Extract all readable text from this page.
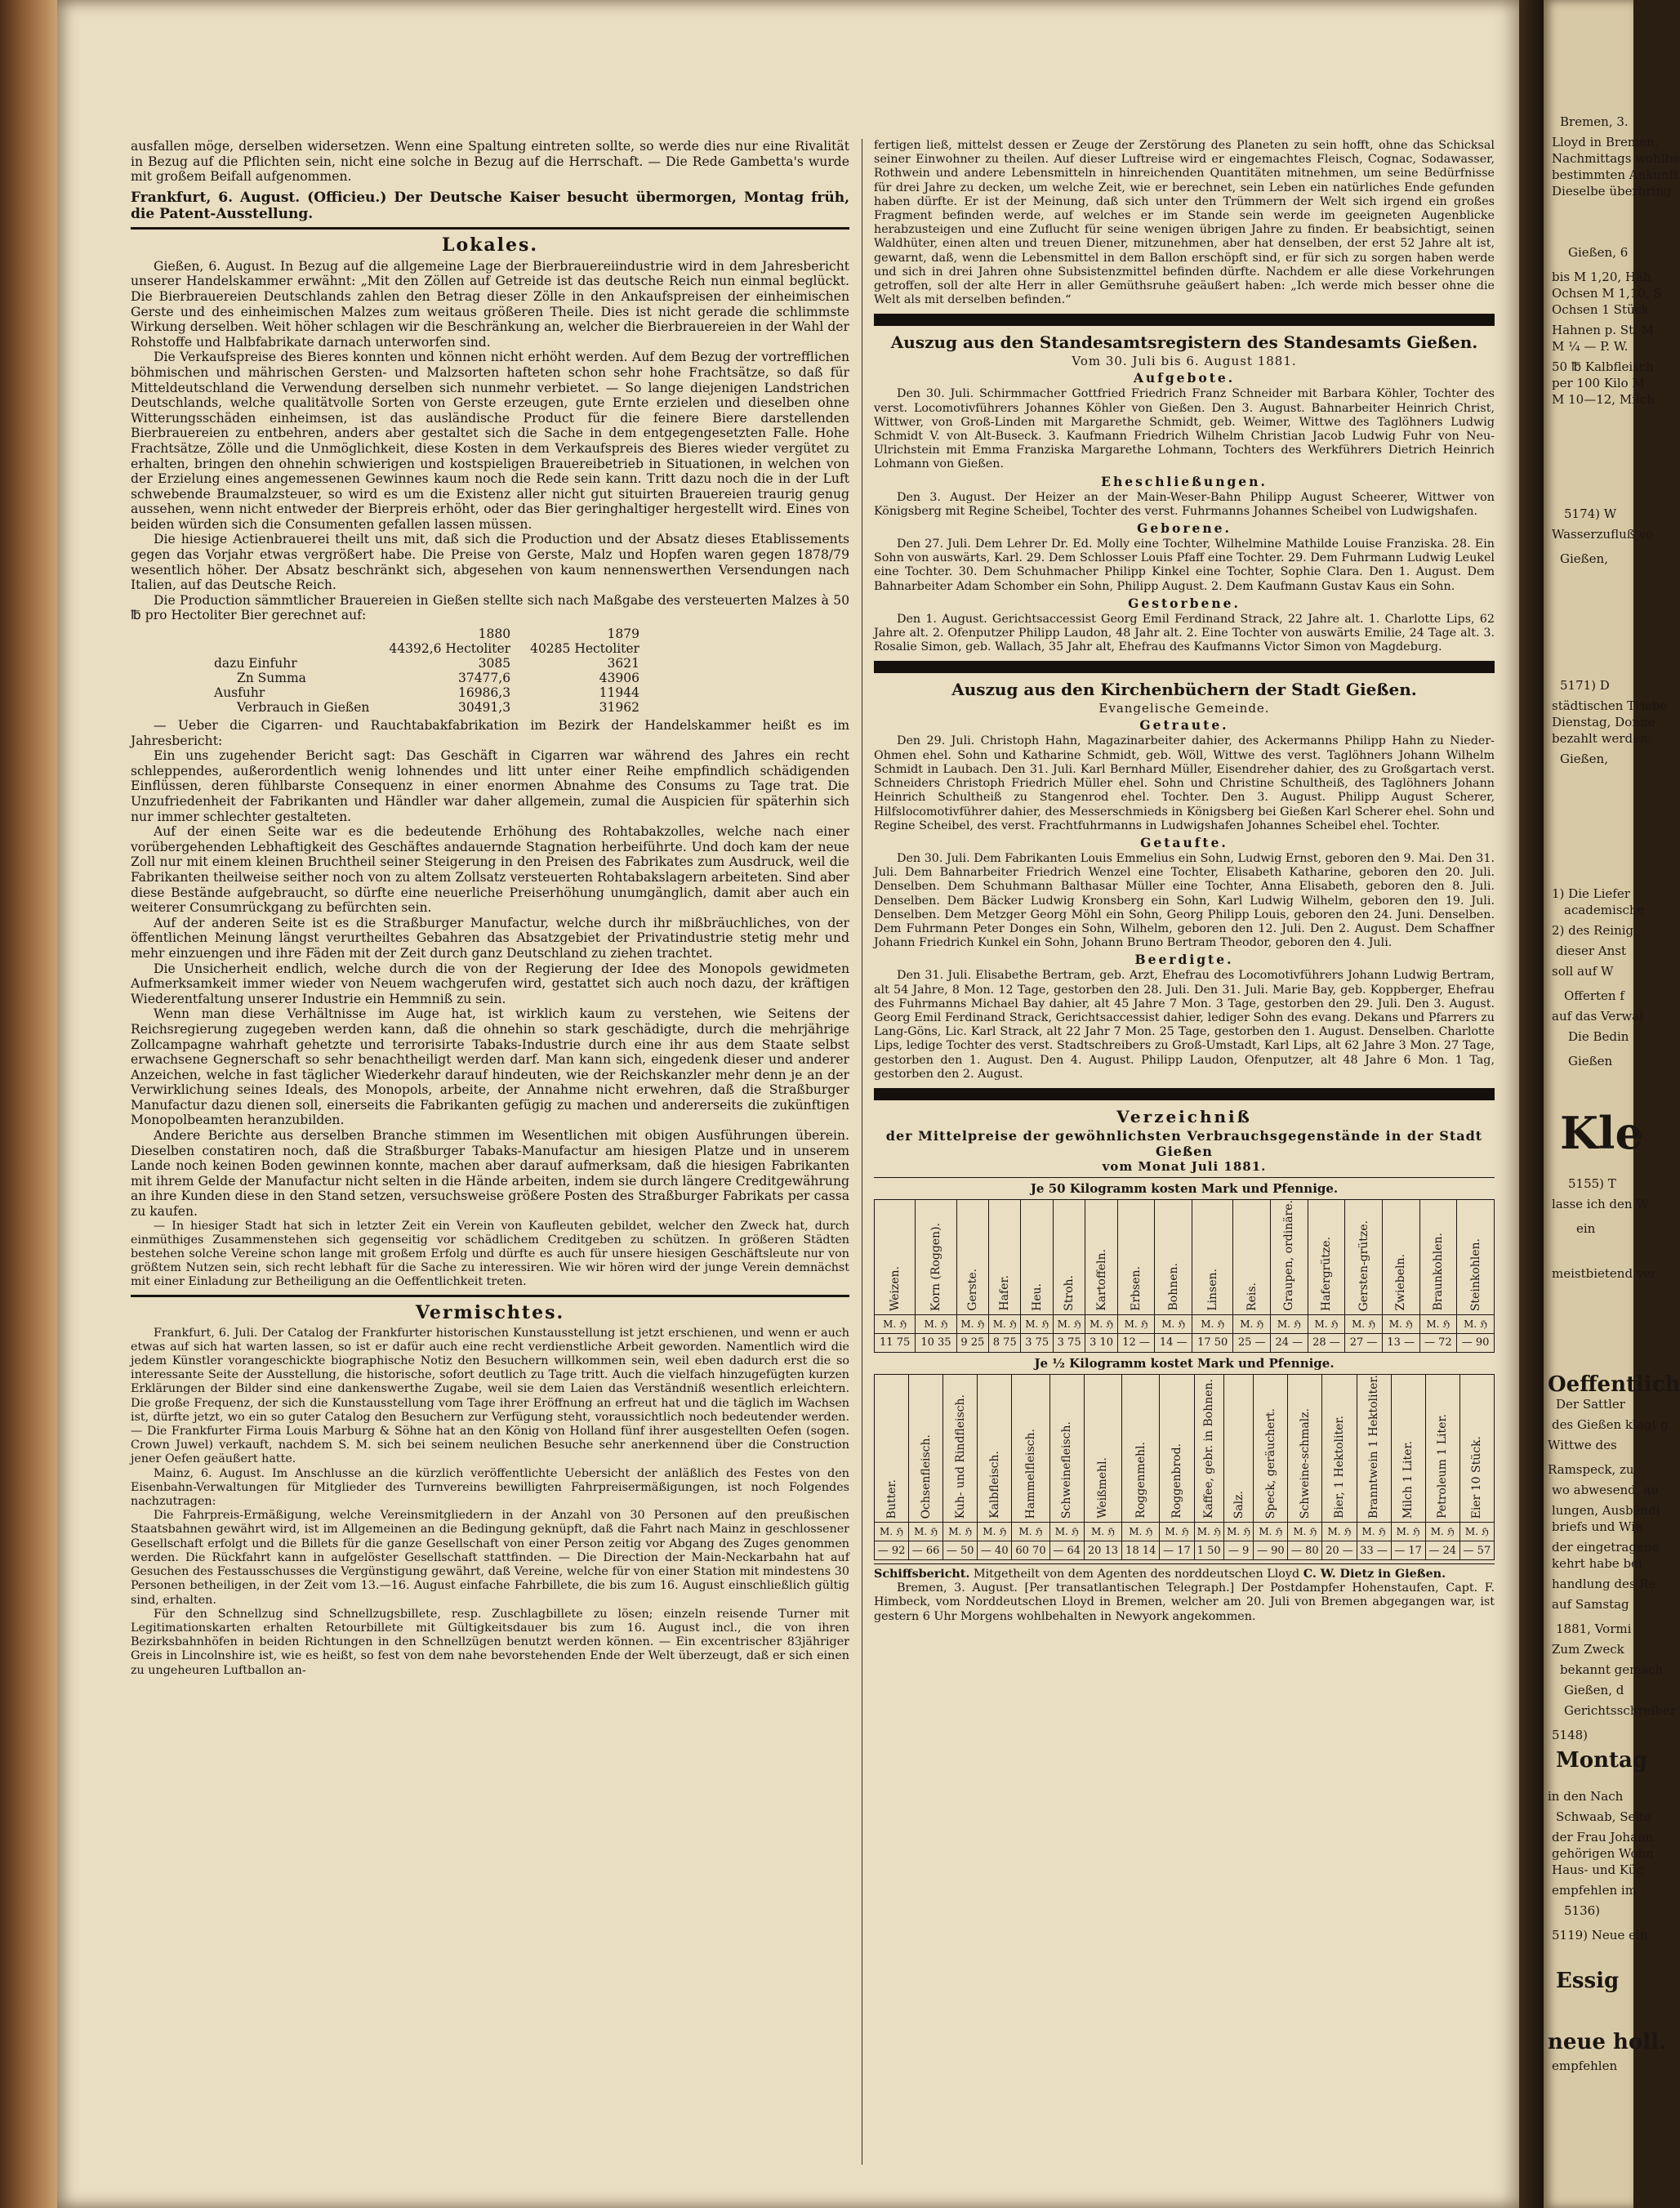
ausfallen möge, derselben widersetzen. Wenn eine Spaltung eintreten sollte, so werde dies nur eine Rivalität in Bezug auf die Pflichten sein, nicht eine solche in Bezug auf die Herrschaft. — Die Rede Gambetta's wurde mit großem Beifall aufgenommen.

Frankfurt, 6. August. (Officieu.) Der Deutsche Kaiser besucht übermorgen, Montag früh, die Patent-Ausstellung.

Lokales.

Gießen, 6. August. In Bezug auf die allgemeine Lage der Bierbrauereiindustrie wird in dem Jahresbericht unserer Handelskammer erwähnt: „Mit den Zöllen auf Getreide ist das deutsche Reich nun einmal beglückt. Die Bierbrauereien Deutschlands zahlen den Betrag dieser Zölle in den Ankaufspreisen der einheimischen Gerste und des einheimischen Malzes zum weitaus größeren Theile. Dies ist nicht gerade die schlimmste Wirkung derselben. Weit höher schlagen wir die Beschränkung an, welcher die Bierbrauereien in der Wahl der Rohstoffe und Halbfabrikate darnach unterworfen sind.

Die Verkaufspreise des Bieres konnten und können nicht erhöht werden. Auf dem Bezug der vortrefflichen böhmischen und mährischen Gersten- und Malzsorten hafteten schon sehr hohe Frachtsätze, so daß für Mitteldeutschland die Verwendung derselben sich nunmehr verbietet. — So lange diejenigen Landstrichen Deutschlands, welche qualitätvolle Sorten von Gerste erzeugen, gute Ernte erzielen und dieselben ohne Witterungsschäden einheimsen, ist das ausländische Product für die feinere Biere darstellenden Bierbrauereien zu entbehren, anders aber gestaltet sich die Sache in dem entgegengesetzten Falle. Hohe Frachtsätze, Zölle und die Unmöglichkeit, diese Kosten in dem Verkaufspreis des Bieres wieder vergütet zu erhalten, bringen den ohnehin schwierigen und kostspieligen Brauereibetrieb in Situationen, in welchen von der Erzielung eines angemessenen Gewinnes kaum noch die Rede sein kann. Tritt dazu noch die in der Luft schwebende Braumalzsteuer, so wird es um die Existenz aller nicht gut situirten Brauereien traurig genug aussehen, wenn nicht entweder der Bierpreis erhöht, oder das Bier geringhaltiger hergestellt wird. Eines von beiden würden sich die Consumenten gefallen lassen müssen.

Die hiesige Actienbrauerei theilt uns mit, daß sich die Production und der Absatz dieses Etablissements gegen das Vorjahr etwas vergrößert habe. Die Preise von Gerste, Malz und Hopfen waren gegen 1878/79 wesentlich höher. Der Absatz beschränkt sich, abgesehen von kaum nennenswerthen Versendungen nach Italien, auf das Deutsche Reich.

Die Production sämmtlicher Brauereien in Gießen stellte sich nach Maßgabe des versteuerten Malzes à 50 ℔ pro Hectoliter Bier gerechnet auf:

	1880	1879
	44392,6 Hectoliter	40285 Hectoliter
dazu Einfuhr	3085	3621
Zn Summa	37477,6	43906
Ausfuhr	16986,3	11944
Verbrauch in Gießen	30491,3	31962

— Ueber die Cigarren- und Rauchtabakfabrikation im Bezirk der Handelskammer heißt es im Jahresbericht:

Ein uns zugehender Bericht sagt: Das Geschäft in Cigarren war während des Jahres ein recht schleppendes, außerordentlich wenig lohnendes und litt unter einer Reihe empfindlich schädigenden Einflüssen, deren fühlbarste Consequenz in einer enormen Abnahme des Consums zu Tage trat. Die Unzufriedenheit der Fabrikanten und Händler war daher allgemein, zumal die Auspicien für späterhin sich nur immer schlechter gestalteten.

Auf der einen Seite war es die bedeutende Erhöhung des Rohtabakzolles, welche nach einer vorübergehenden Lebhaftigkeit des Geschäftes andauernde Stagnation herbeiführte. Und doch kam der neue Zoll nur mit einem kleinen Bruchtheil seiner Steigerung in den Preisen des Fabrikates zum Ausdruck, weil die Fabrikanten theilweise seither noch von zu altem Zollsatz versteuerten Rohtabakslagern arbeiteten. Sind aber diese Bestände aufgebraucht, so dürfte eine neuerliche Preiserhöhung unumgänglich, damit aber auch ein weiterer Consumrückgang zu befürchten sein.

Auf der anderen Seite ist es die Straßburger Manufactur, welche durch ihr mißbräuchliches, von der öffentlichen Meinung längst verurtheiltes Gebahren das Absatzgebiet der Privatindustrie stetig mehr und mehr einzuengen und ihre Fäden mit der Zeit durch ganz Deutschland zu ziehen trachtet.

Die Unsicherheit endlich, welche durch die von der Regierung der Idee des Monopols gewidmeten Aufmerksamkeit immer wieder von Neuem wachgerufen wird, gestattet sich auch noch dazu, der kräftigen Wiederentfaltung unserer Industrie ein Hemmniß zu sein.

Wenn man diese Verhältnisse im Auge hat, ist wirklich kaum zu verstehen, wie Seitens der Reichsregierung zugegeben werden kann, daß die ohnehin so stark geschädigte, durch die mehrjährige Zollcampagne wahrhaft gehetzte und terrorisirte Tabaks-Industrie durch eine ihr aus dem Staate selbst erwachsene Gegnerschaft so sehr benachtheiligt werden darf. Man kann sich, eingedenk dieser und anderer Anzeichen, welche in fast täglicher Wiederkehr darauf hindeuten, wie der Reichskanzler mehr denn je an der Verwirklichung seines Ideals, des Monopols, arbeite, der Annahme nicht erwehren, daß die Straßburger Manufactur dazu dienen soll, einerseits die Fabrikanten gefügig zu machen und andererseits die zukünftigen Monopolbeamten heranzubilden.

Andere Berichte aus derselben Branche stimmen im Wesentlichen mit obigen Ausführungen überein. Dieselben constatiren noch, daß die Straßburger Tabaks-Manufactur am hiesigen Platze und in unserem Lande noch keinen Boden gewinnen konnte, machen aber darauf aufmerksam, daß die hiesigen Fabrikanten mit ihrem Gelde der Manufactur nicht selten in die Hände arbeiten, indem sie durch längere Creditgewährung an ihre Kunden diese in den Stand setzen, versuchsweise größere Posten des Straßburger Fabrikats per cassa zu kaufen.

— In hiesiger Stadt hat sich in letzter Zeit ein Verein von Kaufleuten gebildet, welcher den Zweck hat, durch einmüthiges Zusammenstehen sich gegenseitig vor schädlichem Creditgeben zu schützen. In größeren Städten bestehen solche Vereine schon lange mit großem Erfolg und dürfte es auch für unsere hiesigen Geschäftsleute nur von größtem Nutzen sein, sich recht lebhaft für die Sache zu interessiren. Wie wir hören wird der junge Verein demnächst mit einer Einladung zur Betheiligung an die Oeffentlichkeit treten.

Vermischtes.

Frankfurt, 6. Juli. Der Catalog der Frankfurter historischen Kunstausstellung ist jetzt erschienen, und wenn er auch etwas auf sich hat warten lassen, so ist er dafür auch eine recht verdienstliche Arbeit geworden. Namentlich wird die jedem Künstler vorangeschickte biographische Notiz den Besuchern willkommen sein, weil eben dadurch erst die so interessante Seite der Ausstellung, die historische, sofort deutlich zu Tage tritt. Auch die vielfach hinzugefügten kurzen Erklärungen der Bilder sind eine dankenswerthe Zugabe, weil sie dem Laien das Verständniß wesentlich erleichtern. Die große Frequenz, der sich die Kunstausstellung vom Tage ihrer Eröffnung an erfreut hat und die täglich im Wachsen ist, dürfte jetzt, wo ein so guter Catalog den Besuchern zur Verfügung steht, voraussichtlich noch bedeutender werden. — Die Frankfurter Firma Louis Marburg & Söhne hat an den König von Holland fünf ihrer ausgestellten Oefen (sogen. Crown Juwel) verkauft, nachdem S. M. sich bei seinem neulichen Besuche sehr anerkennend über die Construction jener Oefen geäußert hatte.

Mainz, 6. August. Im Anschlusse an die kürzlich veröffentlichte Uebersicht der anläßlich des Festes von den Eisenbahn-Verwaltungen für Mitglieder des Turnvereins bewilligten Fahrpreisermäßigungen, ist noch Folgendes nachzutragen:

Die Fahrpreis-Ermäßigung, welche Vereinsmitgliedern in der Anzahl von 30 Personen auf den preußischen Staatsbahnen gewährt wird, ist im Allgemeinen an die Bedingung geknüpft, daß die Fahrt nach Mainz in geschlossener Gesellschaft erfolgt und die Billets für die ganze Gesellschaft von einer Person zeitig vor Abgang des Zuges genommen werden. Die Rückfahrt kann in aufgelöster Gesellschaft stattfinden. — Die Direction der Main-Neckarbahn hat auf Gesuchen des Festausschusses die Vergünstigung gewährt, daß Vereine, welche für von einer Station mit mindestens 30 Personen betheiligen, in der Zeit vom 13.—16. August einfache Fahrbillete, die bis zum 16. August einschließlich gültig sind, erhalten.

Für den Schnellzug sind Schnellzugsbillete, resp. Zuschlagbillete zu lösen; einzeln reisende Turner mit Legitimationskarten erhalten Retourbillete mit Gültigkeitsdauer bis zum 16. August incl., die von ihren Bezirksbahnhöfen in beiden Richtungen in den Schnellzügen benutzt werden können. — Ein excentrischer 83jähriger Greis in Lincolnshire ist, wie es heißt, so fest von dem nahe bevorstehenden Ende der Welt überzeugt, daß er sich einen zu ungeheuren Luftballon an-

fertigen ließ, mittelst dessen er Zeuge der Zerstörung des Planeten zu sein hofft, ohne das Schicksal seiner Einwohner zu theilen. Auf dieser Luftreise wird er eingemachtes Fleisch, Cognac, Sodawasser, Rothwein und andere Lebensmitteln in hinreichenden Quantitäten mitnehmen, um seine Bedürfnisse für drei Jahre zu decken, um welche Zeit, wie er berechnet, sein Leben ein natürliches Ende gefunden haben dürfte. Er ist der Meinung, daß sich unter den Trümmern der Welt sich irgend ein großes Fragment befinden werde, auf welches er im Stande sein werde im geeigneten Augenblicke herabzusteigen und eine Zuflucht für seine wenigen übrigen Jahre zu finden. Er beabsichtigt, seinen Waldhüter, einen alten und treuen Diener, mitzunehmen, aber hat denselben, der erst 52 Jahre alt ist, gewarnt, daß, wenn die Lebensmittel in dem Ballon erschöpft sind, er für sich zu sorgen haben werde und sich in drei Jahren ohne Subsistenzmittel befinden dürfte. Nachdem er alle diese Vorkehrungen getroffen, soll der alte Herr in aller Gemüthsruhe geäußert haben: „Ich werde mich besser ohne die Welt als mit derselben befinden.“

Auszug aus den Standesamtsregistern des Standesamts Gießen.

Vom 30. Juli bis 6. August 1881.

Aufgebote.

Den 30. Juli. Schirmmacher Gottfried Friedrich Franz Schneider mit Barbara Köhler, Tochter des verst. Locomotivführers Johannes Köhler von Gießen. Den 3. August. Bahnarbeiter Heinrich Christ, Wittwer, von Groß-Linden mit Margarethe Schmidt, geb. Weimer, Wittwe des Taglöhners Ludwig Schmidt V. von Alt-Buseck. 3. Kaufmann Friedrich Wilhelm Christian Jacob Ludwig Fuhr von Neu-Ulrichstein mit Emma Franziska Margarethe Lohmann, Tochters des Werkführers Dietrich Heinrich Lohmann von Gießen.

Eheschließungen.

Den 3. August. Der Heizer an der Main-Weser-Bahn Philipp August Scheerer, Wittwer von Königsberg mit Regine Scheibel, Tochter des verst. Fuhrmanns Johannes Scheibel von Ludwigshafen.

Geborene.

Den 27. Juli. Dem Lehrer Dr. Ed. Molly eine Tochter, Wilhelmine Mathilde Louise Franziska. 28. Ein Sohn von auswärts, Karl. 29. Dem Schlosser Louis Pfaff eine Tochter. 29. Dem Fuhrmann Ludwig Leukel eine Tochter. 30. Dem Schuhmacher Philipp Kinkel eine Tochter, Sophie Clara. Den 1. August. Dem Bahnarbeiter Adam Schomber ein Sohn, Philipp August. 2. Dem Kaufmann Gustav Kaus ein Sohn.

Gestorbene.

Den 1. August. Gerichtsaccessist Georg Emil Ferdinand Strack, 22 Jahre alt. 1. Charlotte Lips, 62 Jahre alt. 2. Ofenputzer Philipp Laudon, 48 Jahr alt. 2. Eine Tochter von auswärts Emilie, 24 Tage alt. 3. Rosalie Simon, geb. Wallach, 35 Jahr alt, Ehefrau des Kaufmanns Victor Simon von Magdeburg.

Auszug aus den Kirchenbüchern der Stadt Gießen.

Evangelische Gemeinde.

Getraute.

Den 29. Juli. Christoph Hahn, Magazinarbeiter dahier, des Ackermanns Philipp Hahn zu Nieder-Ohmen ehel. Sohn und Katharine Schmidt, geb. Wöll, Wittwe des verst. Taglöhners Johann Wilhelm Schmidt in Laubach. Den 31. Juli. Karl Bernhard Müller, Eisendreher dahier, des zu Großgartach verst. Schneiders Christoph Friedrich Müller ehel. Sohn und Christine Schultheiß, des Taglöhners Johann Heinrich Schultheiß zu Stangenrod ehel. Tochter. Den 3. August. Philipp August Scherer, Hilfslocomotivführer dahier, des Messerschmieds in Königsberg bei Gießen Karl Scherer ehel. Sohn und Regine Scheibel, des verst. Frachtfuhrmanns in Ludwigshafen Johannes Scheibel ehel. Tochter.

Getaufte.

Den 30. Juli. Dem Fabrikanten Louis Emmelius ein Sohn, Ludwig Ernst, geboren den 9. Mai. Den 31. Juli. Dem Bahnarbeiter Friedrich Wenzel eine Tochter, Elisabeth Katharine, geboren den 20. Juli. Denselben. Dem Schuhmann Balthasar Müller eine Tochter, Anna Elisabeth, geboren den 8. Juli. Denselben. Dem Bäcker Ludwig Kronsberg ein Sohn, Karl Ludwig Wilhelm, geboren den 19. Juli. Denselben. Dem Metzger Georg Möhl ein Sohn, Georg Philipp Louis, geboren den 24. Juni. Denselben. Dem Fuhrmann Peter Donges ein Sohn, Wilhelm, geboren den 12. Juli. Den 2. August. Dem Schaffner Johann Friedrich Kunkel ein Sohn, Johann Bruno Bertram Theodor, geboren den 4. Juli.

Beerdigte.

Den 31. Juli. Elisabethe Bertram, geb. Arzt, Ehefrau des Locomotivführers Johann Ludwig Bertram, alt 54 Jahre, 8 Mon. 12 Tage, gestorben den 28. Juli. Den 31. Juli. Marie Bay, geb. Koppberger, Ehefrau des Fuhrmanns Michael Bay dahier, alt 45 Jahre 7 Mon. 3 Tage, gestorben den 29. Juli. Den 3. August. Georg Emil Ferdinand Strack, Gerichtsaccessist dahier, lediger Sohn des evang. Dekans und Pfarrers zu Lang-Göns, Lic. Karl Strack, alt 22 Jahr 7 Mon. 25 Tage, gestorben den 1. August. Denselben. Charlotte Lips, ledige Tochter des verst. Stadtschreibers zu Groß-Umstadt, Karl Lips, alt 62 Jahre 3 Mon. 27 Tage, gestorben den 1. August. Den 4. August. Philipp Laudon, Ofenputzer, alt 48 Jahre 6 Mon. 1 Tag, gestorben den 2. August.

Verzeichniß

der Mittelpreise der gewöhnlichsten Verbrauchsgegenstände in der Stadt Gießen

vom Monat Juli 1881.

Je 50 Kilogramm kosten Mark und Pfennige.

Weizen.	Korn (Roggen).	Gerste.	Hafer.	Heu.	Stroh.	Kartoffeln.	Erbsen.	Bohnen.	Linsen.	Reis.	Graupen, ordinäre.	Hafergrütze.	Gersten-grütze.	Zwiebeln.	Braunkohlen.	Steinkohlen.
M. ℌ	M. ℌ	M. ℌ	M. ℌ	M. ℌ	M. ℌ	M. ℌ	M. ℌ	M. ℌ	M. ℌ	M. ℌ	M. ℌ	M. ℌ	M. ℌ	M. ℌ	M. ℌ	M. ℌ
11 75	10 35	9 25	8 75	3 75	3 75	3 10	12 —	14 —	17 50	25 —	24 —	28 —	27 —	13 —	— 72	— 90

Je ½ Kilogramm kostet Mark und Pfennige.

Butter.	Ochsenfleisch.	Kuh- und Rindfleisch.	Kalbfleisch.	Hammelfleisch.	Schweinefleisch.	Weißmehl.	Roggenmehl.	Roggenbrod.	Kaffee, gebr. in Bohnen.	Salz.	Speck, geräuchert.	Schweine-schmalz.	Bier, 1 Hektoliter.	Branntwein 1 Hektoliter.	Milch 1 Liter.	Petroleum 1 Liter.	Eier 10 Stück.
M. ℌ	M. ℌ	M. ℌ	M. ℌ	M. ℌ	M. ℌ	M. ℌ	M. ℌ	M. ℌ	M. ℌ	M. ℌ	M. ℌ	M. ℌ	M. ℌ	M. ℌ	M. ℌ	M. ℌ	M. ℌ
— 92	— 66	— 50	— 40	60 70	— 64	20 13	18 14	— 17	1 50	— 9	— 90	— 80	20 —	33 —	— 17	— 24	— 57

Schiffsbericht. Mitgetheilt von dem Agenten des norddeutschen Lloyd C. W. Dietz in Gießen.

Bremen, 3. August. [Per transatlantischen Telegraph.] Der Postdampfer Hohenstaufen, Capt. F. Himbeck, vom Norddeutschen Lloyd in Bremen, welcher am 20. Juli von Bremen abgegangen war, ist gestern 6 Uhr Morgens wohlbehalten in Newyork angekommen.

Bremen, 3.
Lloyd in Bremen,
Nachmittags wohlbe
bestimmten Ankunft
Dieselbe überbring
Gießen, 6
bis M 1,20, Häh
Ochsen M 1,10, S
Ochsen 1 Stück
Hahnen p. St. M
M ¼ — P. W.
50 ℔ Kalbfleisch
per 100 Kilo M
M 10—12, Milch
5174) W
Wasserzufluß vo
Gießen,
5171) D
städtischen Triebe
Dienstag, Donne
bezahlt werden.
Gießen,
1) Die Liefer
academische
2) des Reinig
dieser Anst
soll auf W
Offerten f
auf das Verwal
Die Bedin
Gießen
Kle
5155) T
lasse ich den W
ein
meistbietend ver
Oeffentlich
Der Sattler
des Gießen klagt g
Wittwe des
Ramspeck, zu
wo abwesend, au
lungen, Ausbändi
briefs und Wie
der eingetragene
kehrt habe bei
handlung des Re
auf Samstag
1881, Vormi
Zum Zweck
bekannt gemach
Gießen, d
Gerichtsschreiber
5148)
Montag
in den Nach
Schwaab, Selte
der Frau Johann
gehörigen Wohn
Haus- und Küc
empfehlen im
5136)
5119) Neue ein
Essig
neue holl.
empfehlen
